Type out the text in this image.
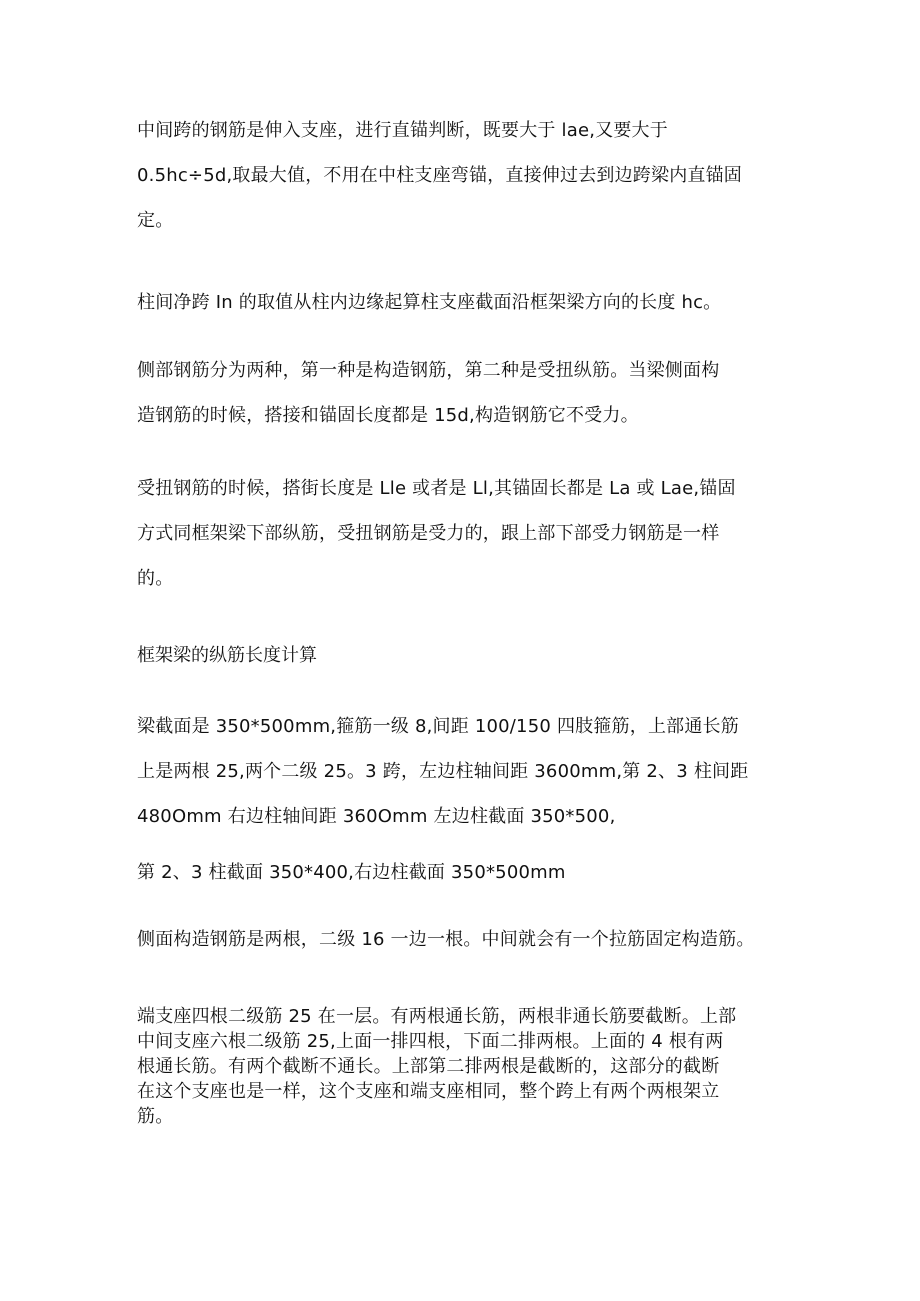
中间跨的钢筋是伸入支座，进行直锚判断，既要大于 lae,又要大于
0.5hc÷5d,取最大值，不用在中柱支座弯锚，直接伸过去到边跨梁内直锚固
定。

柱间净跨 In 的取值从柱内边缘起算柱支座截面沿框架梁方向的长度 hc。

侧部钢筋分为两种，第一种是构造钢筋，第二种是受扭纵筋。当梁侧面构
造钢筋的时候，搭接和锚固长度都是 15d,构造钢筋它不受力。

受扭钢筋的时候，搭街长度是 Lle 或者是 Ll,其锚固长都是 La 或 Lae,锚固
方式同框架梁下部纵筋，受扭钢筋是受力的，跟上部下部受力钢筋是一样
的。

框架梁的纵筋长度计算

梁截面是 350*500mm,箍筋一级 8,间距 100/150 四肢箍筋，上部通长筋
上是两根 25,两个二级 25。3 跨，左边柱轴间距 3600mm,第 2、3 柱间距
480Omm 右边柱轴间距 360Omm 左边柱截面 350*500,

第 2、3 柱截面 350*400,右边柱截面 350*500mm

侧面构造钢筋是两根，二级 16 一边一根。中间就会有一个拉筋固定构造筋。

端支座四根二级筋 25 在一层。有两根通长筋，两根非通长筋要截断。上部
中间支座六根二级筋 25,上面一排四根，下面二排两根。上面的 4 根有两
根通长筋。有两个截断不通长。上部第二排两根是截断的，这部分的截断
在这个支座也是一样，这个支座和端支座相同，整个跨上有两个两根架立
筋。
